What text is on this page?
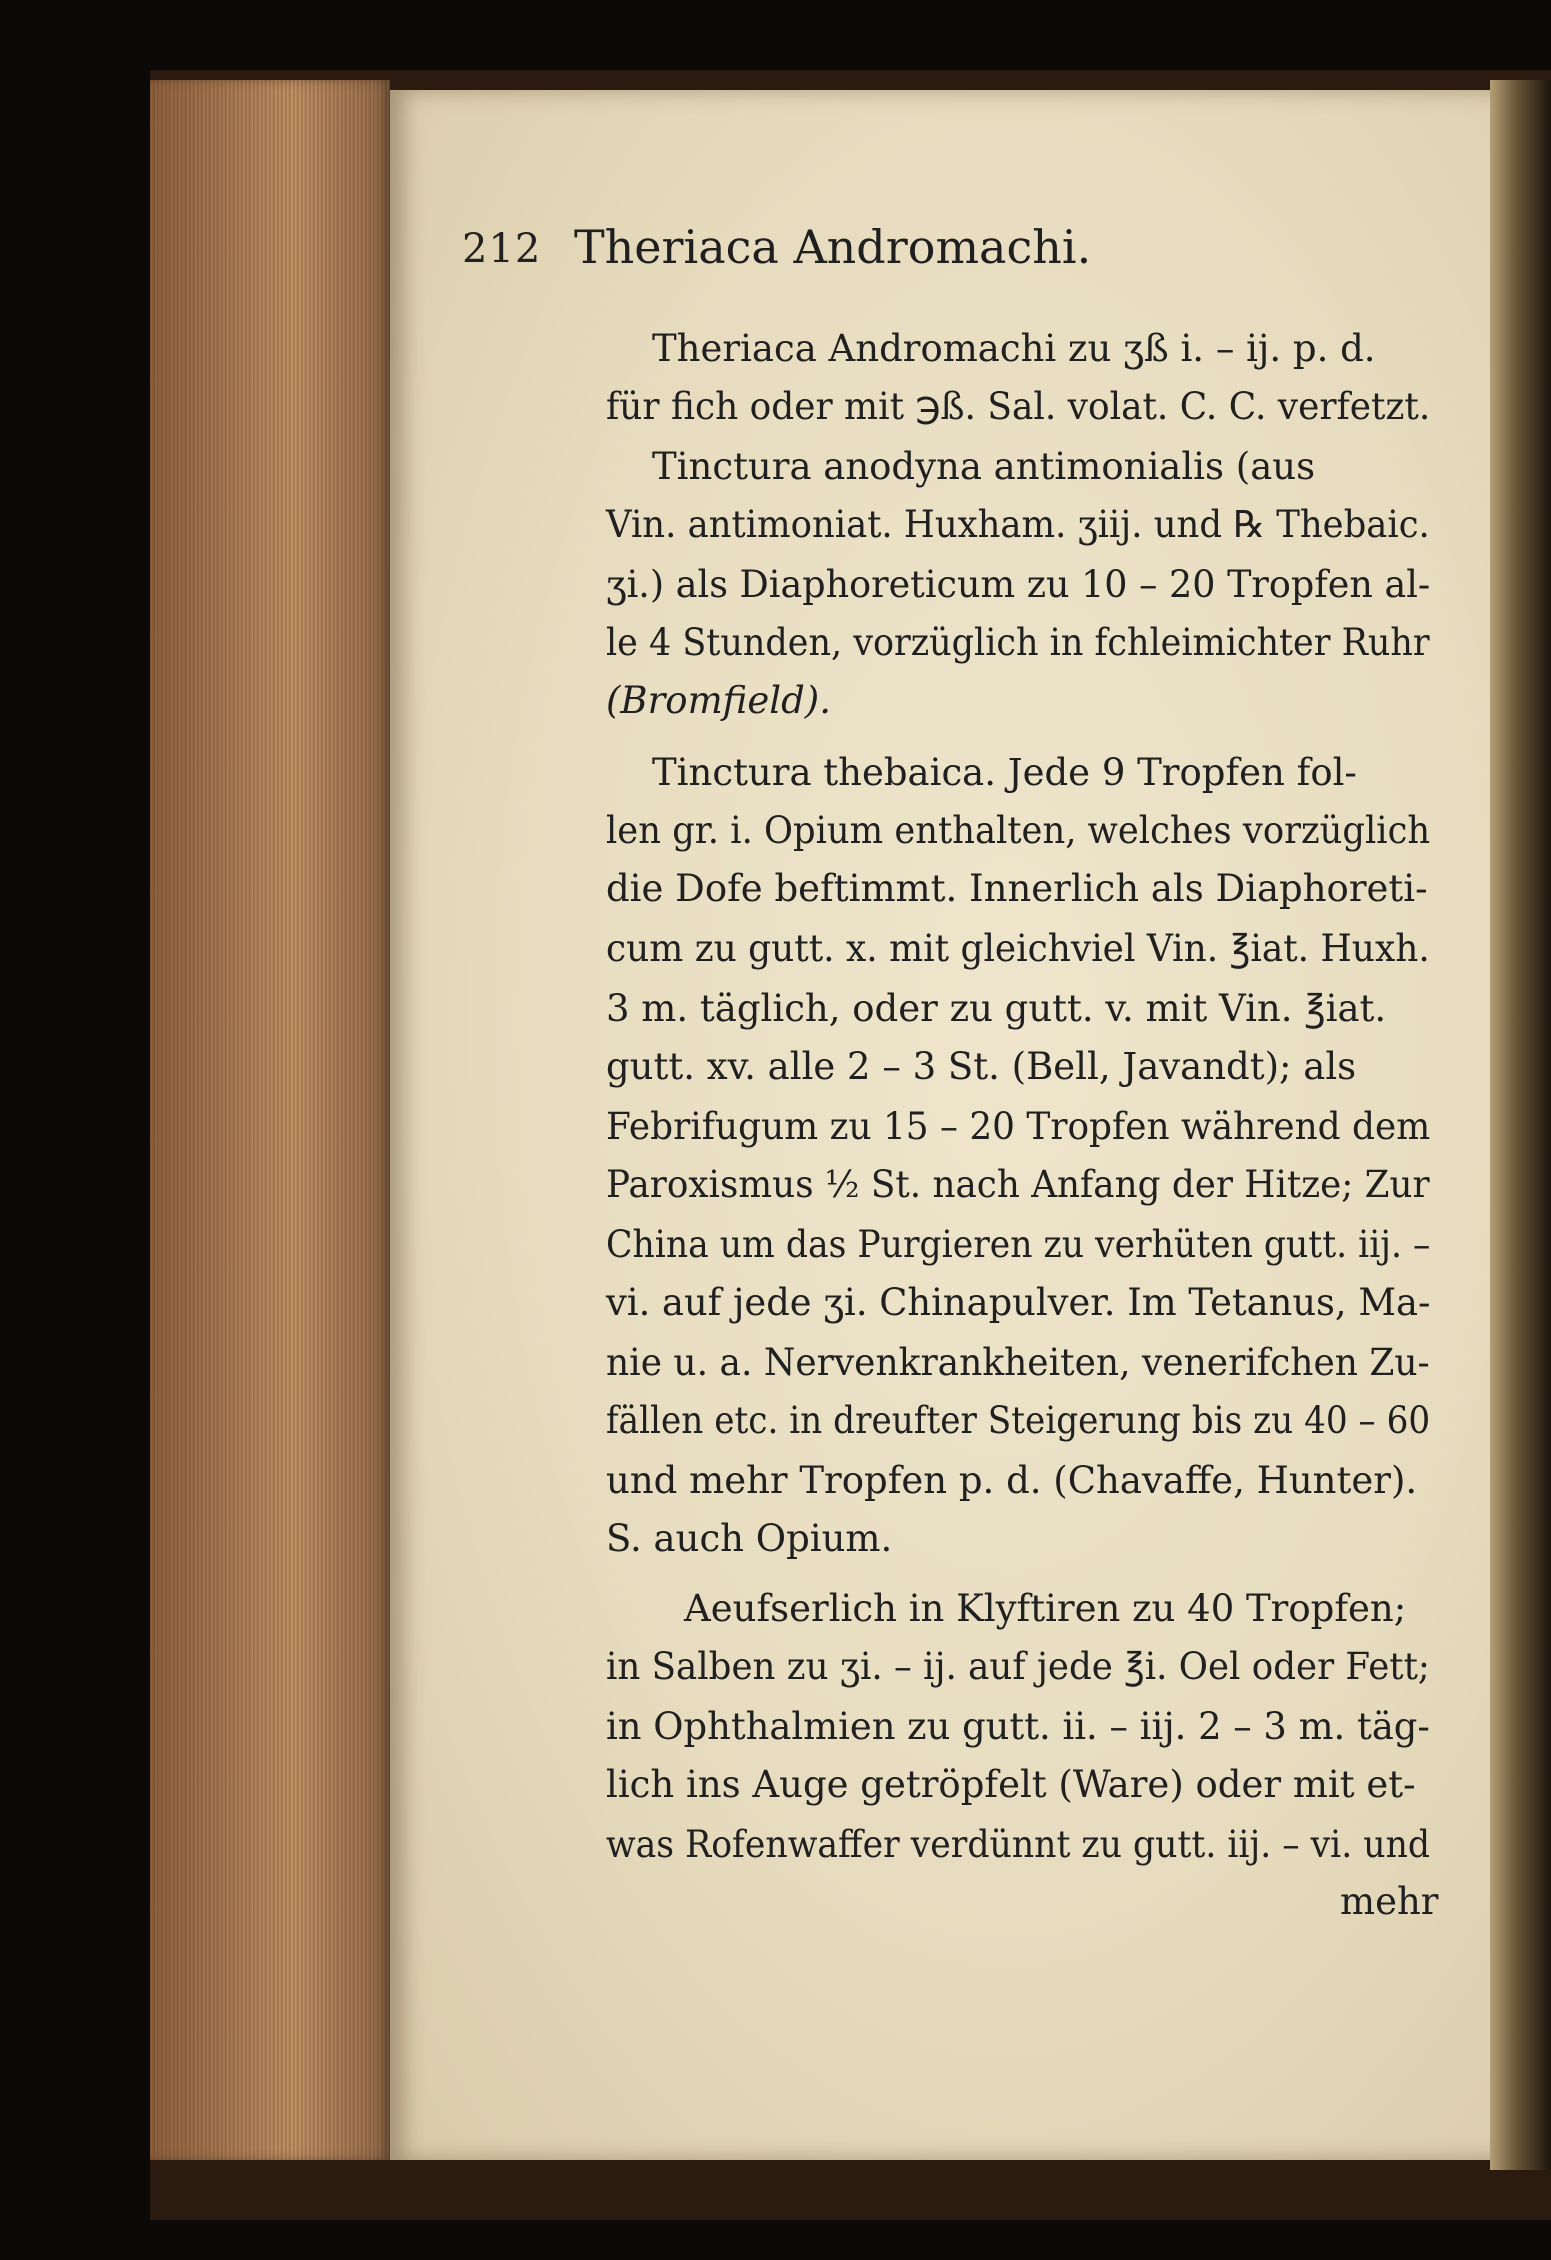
212 Theriaca Andromachi.
Theriaca Andromachi zu ʒß i. – ij. p. d.
für fich oder mit ℈ß. Sal. volat. C. C. verfetzt.
Tinctura anodyna antimonialis (aus
Vin. antimoniat. Huxham. ʒiij. und ℞ Thebaic.
ʒi.) als Diaphoreticum zu 10 – 20 Tropfen al-
le 4 Stunden, vorzüglich in fchleimichter Ruhr
(Bromfield).
Tinctura thebaica. Jede 9 Tropfen fol-
len gr. i. Opium enthalten, welches vorzüglich
die Dofe beftimmt. Innerlich als Diaphoreti-
cum zu gutt. x. mit gleichviel Vin. ℥iat. Huxh.
3 m. täglich, oder zu gutt. v. mit Vin. ℥iat.
gutt. xv. alle 2 – 3 St. (Bell, Javandt); als
Febrifugum zu 15 – 20 Tropfen während dem
Paroxismus ½ St. nach Anfang der Hitze; Zur
China um das Purgieren zu verhüten gutt. iij. –
vi. auf jede ʒi. Chinapulver. Im Tetanus, Ma-
nie u. a. Nervenkrankheiten, venerifchen Zu-
fällen etc. in dreufter Steigerung bis zu 40 – 60
und mehr Tropfen p. d. (Chavaffe, Hunter).
S. auch Opium.
Aeufserlich in Klyftiren zu 40 Tropfen;
in Salben zu ʒi. – ij. auf jede ℥i. Oel oder Fett;
in Ophthalmien zu gutt. ii. – iij. 2 – 3 m. täg-
lich ins Auge getröpfelt (Ware) oder mit et-
was Rofenwaffer verdünnt zu gutt. iij. – vi. und
mehr
